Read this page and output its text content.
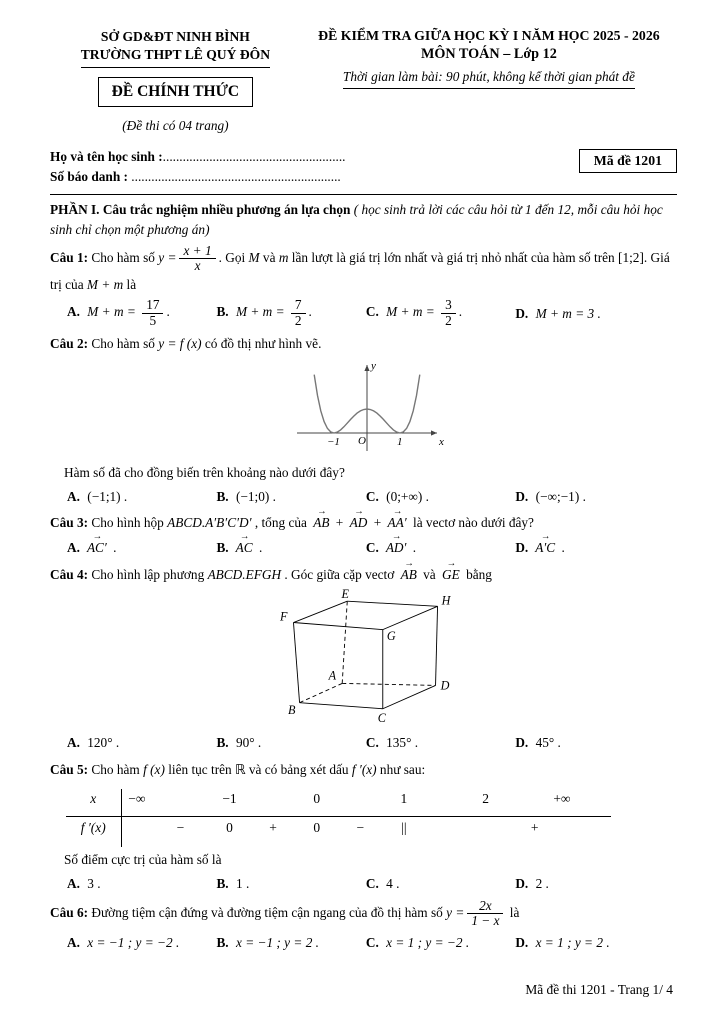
SỞ GD&ĐT NINH BÌNH
TRƯỜNG THPT LÊ QUÝ ĐÔN
ĐỀ CHÍNH THỨC
(Đề thi có 04 trang)
ĐỀ KIỂM TRA GIỮA HỌC KỲ I NĂM HỌC 2025 - 2026
MÔN TOÁN – Lớp 12
Thời gian làm bài: 90 phút, không kể thời gian phát đề

Họ và tên học sinh :.......................................................

Số báo danh : ...............................................................

Mã đề 1201

PHẦN I. Câu trắc nghiệm nhiều phương án lựa chọn ( học sinh trả lời các câu hỏi từ 1 đến 12, mỗi câu hỏi học sinh chỉ chọn một phương án)

Câu 1: Cho hàm số $y = \frac{x + 1}{x}$ . Gọi M và m lần lượt là giá trị lớn nhất và giá trị nhỏ nhất của hàm số trên [1;2]. Giá trị của M + m là

A. $M + m = \frac{17}{5}$ .	B. $M + m = \frac{7}{2}$ .	C. $M + m = \frac{3}{2}$ .	D. M + m = 3 .

Câu 2: Cho hàm số y = f (x) có đồ thị như hình vẽ.

y
x
O
−1	1

Hàm số đã cho đồng biến trên khoảng nào dưới đây?

A. (−1;1) .	B. (−1;0) .	C. (0;+∞) .	D. (−∞;−1) .

Câu 3: Cho hình hộp ABCD.A′B′C′D′ , tổng của AB → + AD → + AA′ → là vectơ nào dưới đây?

A. AC′ → .	B. AC → .	C. AD′ → .	D. A′C → .

Câu 4: Cho hình lập phương ABCD.EFGH . Góc giữa cặp vectơ AB → và GE → bằng

E	H
F
G
A
D
B
C
A. 120° .	B. 90° .	C. 135° .	D. 45° .

Câu 5: Cho hàm f (x) liên tục trên ℝ và có bảng xét dấu f ′(x) như sau:

x −∞	−1	0	1	2	+∞
f ′(x)	−	0	+	0	−	||	+

Số điểm cực trị của hàm số là

A. 3 .	B. 1 .	C. 4 .	D. 2 .

Câu 6: Đường tiệm cận đứng và đường tiệm cận ngang của đồ thị hàm số $y = \frac{2x}{1 - x}$ là

A. x = −1 ; y = −2 .	B. x = −1 ; y = 2 .	C. x = 1 ; y = −2 .	D. x = 1 ; y = 2 .
Mã đề thi 1201 - Trang 1/ 4
